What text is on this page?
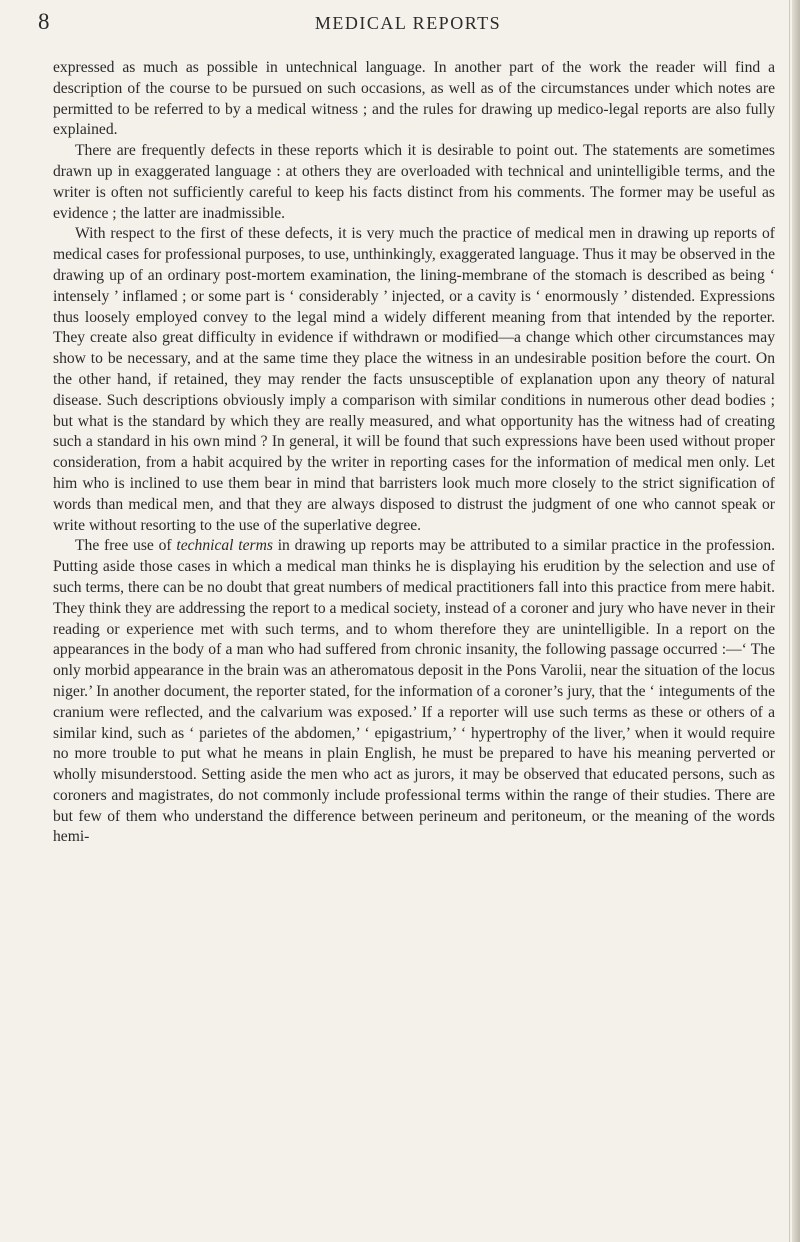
8	MEDICAL REPORTS

expressed as much as possible in untechnical language. In another part of the work the reader will find a description of the course to be pursued on such occasions, as well as of the circumstances under which notes are permitted to be referred to by a medical witness ; and the rules for drawing up medico-legal reports are also fully explained.

There are frequently defects in these reports which it is desirable to point out. The statements are sometimes drawn up in exaggerated language : at others they are overloaded with technical and unintelligible terms, and the writer is often not sufficiently careful to keep his facts distinct from his comments. The former may be useful as evidence ; the latter are inadmissible.

With respect to the first of these defects, it is very much the practice of medical men in drawing up reports of medical cases for professional purposes, to use, unthinkingly, exaggerated language. Thus it may be observed in the drawing up of an ordinary post-mortem examination, the lining-membrane of the stomach is described as being ‘ intensely ’ inflamed ; or some part is ‘ considerably ’ injected, or a cavity is ‘ enormously ’ distended. Expressions thus loosely employed convey to the legal mind a widely different meaning from that intended by the reporter. They create also great difficulty in evidence if withdrawn or modified—a change which other circumstances may show to be necessary, and at the same time they place the witness in an undesirable position before the court. On the other hand, if retained, they may render the facts unsusceptible of explanation upon any theory of natural disease. Such descriptions obviously imply a comparison with similar conditions in numerous other dead bodies ; but what is the standard by which they are really measured, and what opportunity has the witness had of creating such a standard in his own mind ? In general, it will be found that such expressions have been used without proper consideration, from a habit acquired by the writer in reporting cases for the information of medical men only. Let him who is inclined to use them bear in mind that barristers look much more closely to the strict signification of words than medical men, and that they are always disposed to distrust the judgment of one who cannot speak or write without resorting to the use of the superlative degree.

The free use of technical terms in drawing up reports may be attributed to a similar practice in the profession. Putting aside those cases in which a medical man thinks he is displaying his erudition by the selection and use of such terms, there can be no doubt that great numbers of medical practitioners fall into this practice from mere habit. They think they are addressing the report to a medical society, instead of a coroner and jury who have never in their reading or experience met with such terms, and to whom therefore they are unintelligible. In a report on the appearances in the body of a man who had suffered from chronic insanity, the following passage occurred :—‘ The only morbid appearance in the brain was an atheromatous deposit in the Pons Varolii, near the situation of the locus niger.’ In another document, the reporter stated, for the information of a coroner’s jury, that the ‘ integuments of the cranium were reflected, and the calvarium was exposed.’ If a reporter will use such terms as these or others of a similar kind, such as ‘ parietes of the abdomen,’ ‘ epigastrium,’ ‘ hypertrophy of the liver,’ when it would require no more trouble to put what he means in plain English, he must be prepared to have his meaning perverted or wholly misunderstood. Setting aside the men who act as jurors, it may be observed that educated persons, such as coroners and magistrates, do not commonly include professional terms within the range of their studies. There are but few of them who understand the difference between perineum and peritoneum, or the meaning of the words hemi-
